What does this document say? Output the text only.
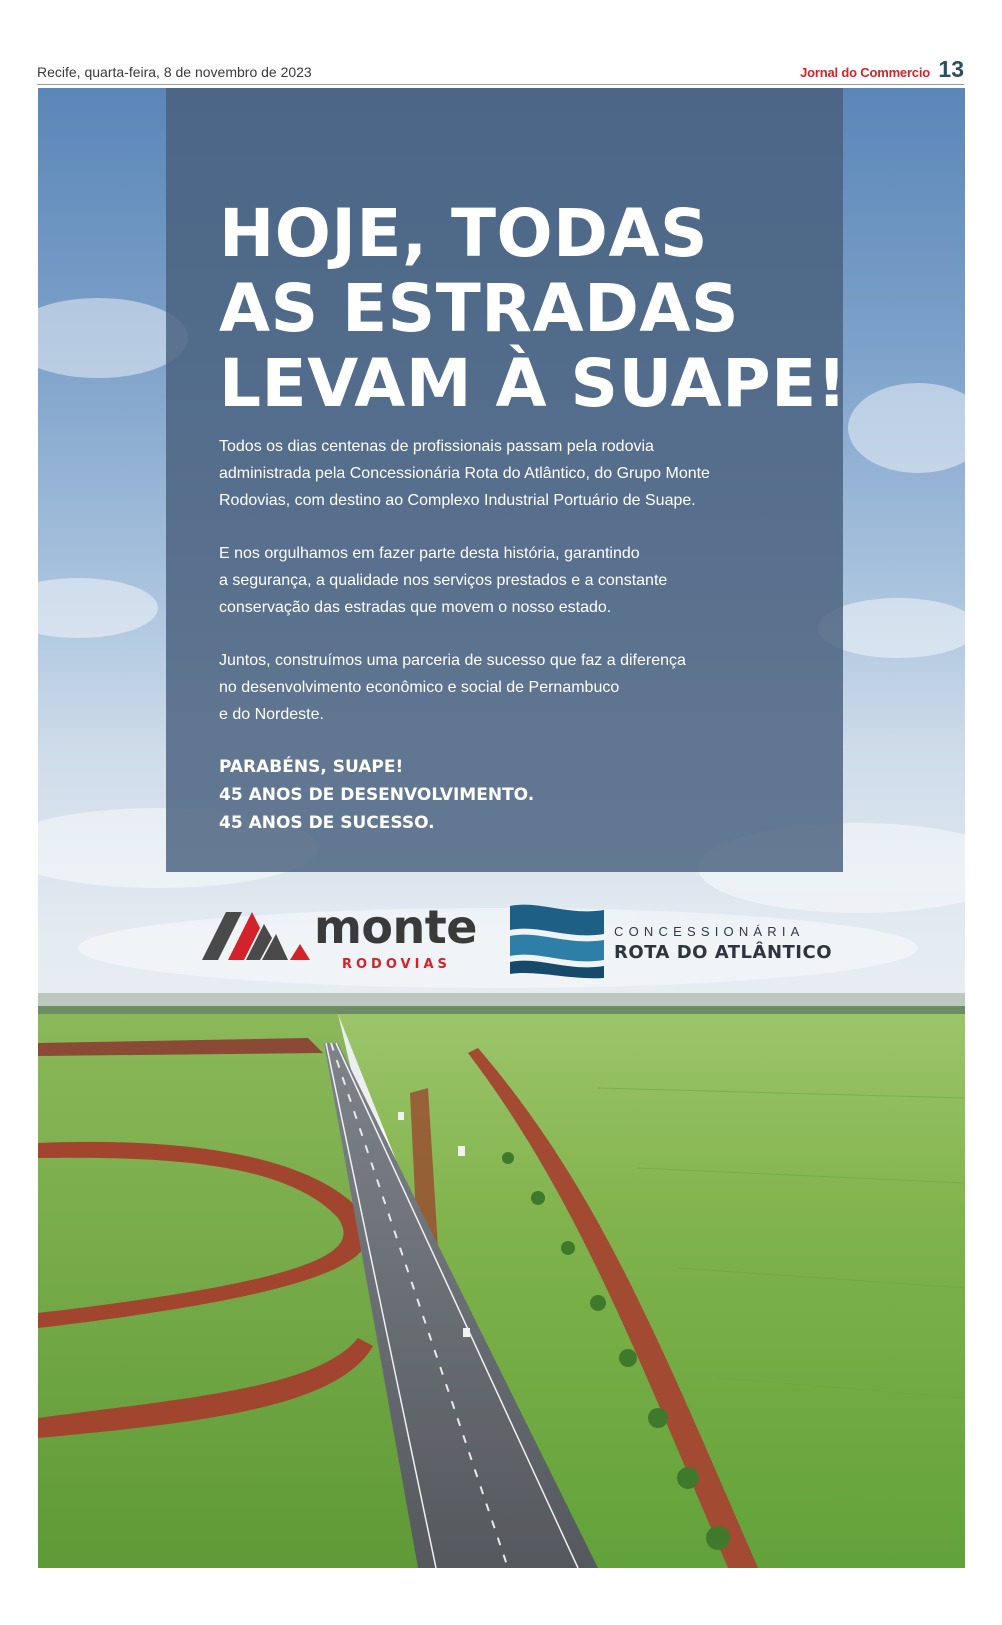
Recife, quarta-feira, 8 de novembro de 2023	Jornal do Commercio 13
HOJE, TODAS
AS ESTRADAS
LEVAM À SUAPE!

Todos os dias centenas de profissionais passam pela rodovia
administrada pela Concessionária Rota do Atlântico, do Grupo Monte
Rodovias, com destino ao Complexo Industrial Portuário de Suape.

E nos orgulhamos em fazer parte desta história, garantindo
a segurança, a qualidade nos serviços prestados e a constante
conservação das estradas que movem o nosso estado.

Juntos, construímos uma parceria de sucesso que faz a diferença
no desenvolvimento econômico e social de Pernambuco
e do Nordeste.

PARABÉNS, SUAPE!
45 ANOS DE DESENVOLVIMENTO.
45 ANOS DE SUCESSO.
monte
RODOVIAS
CONCESSIONÁRIA
ROTA DO ATLÂNTICO
